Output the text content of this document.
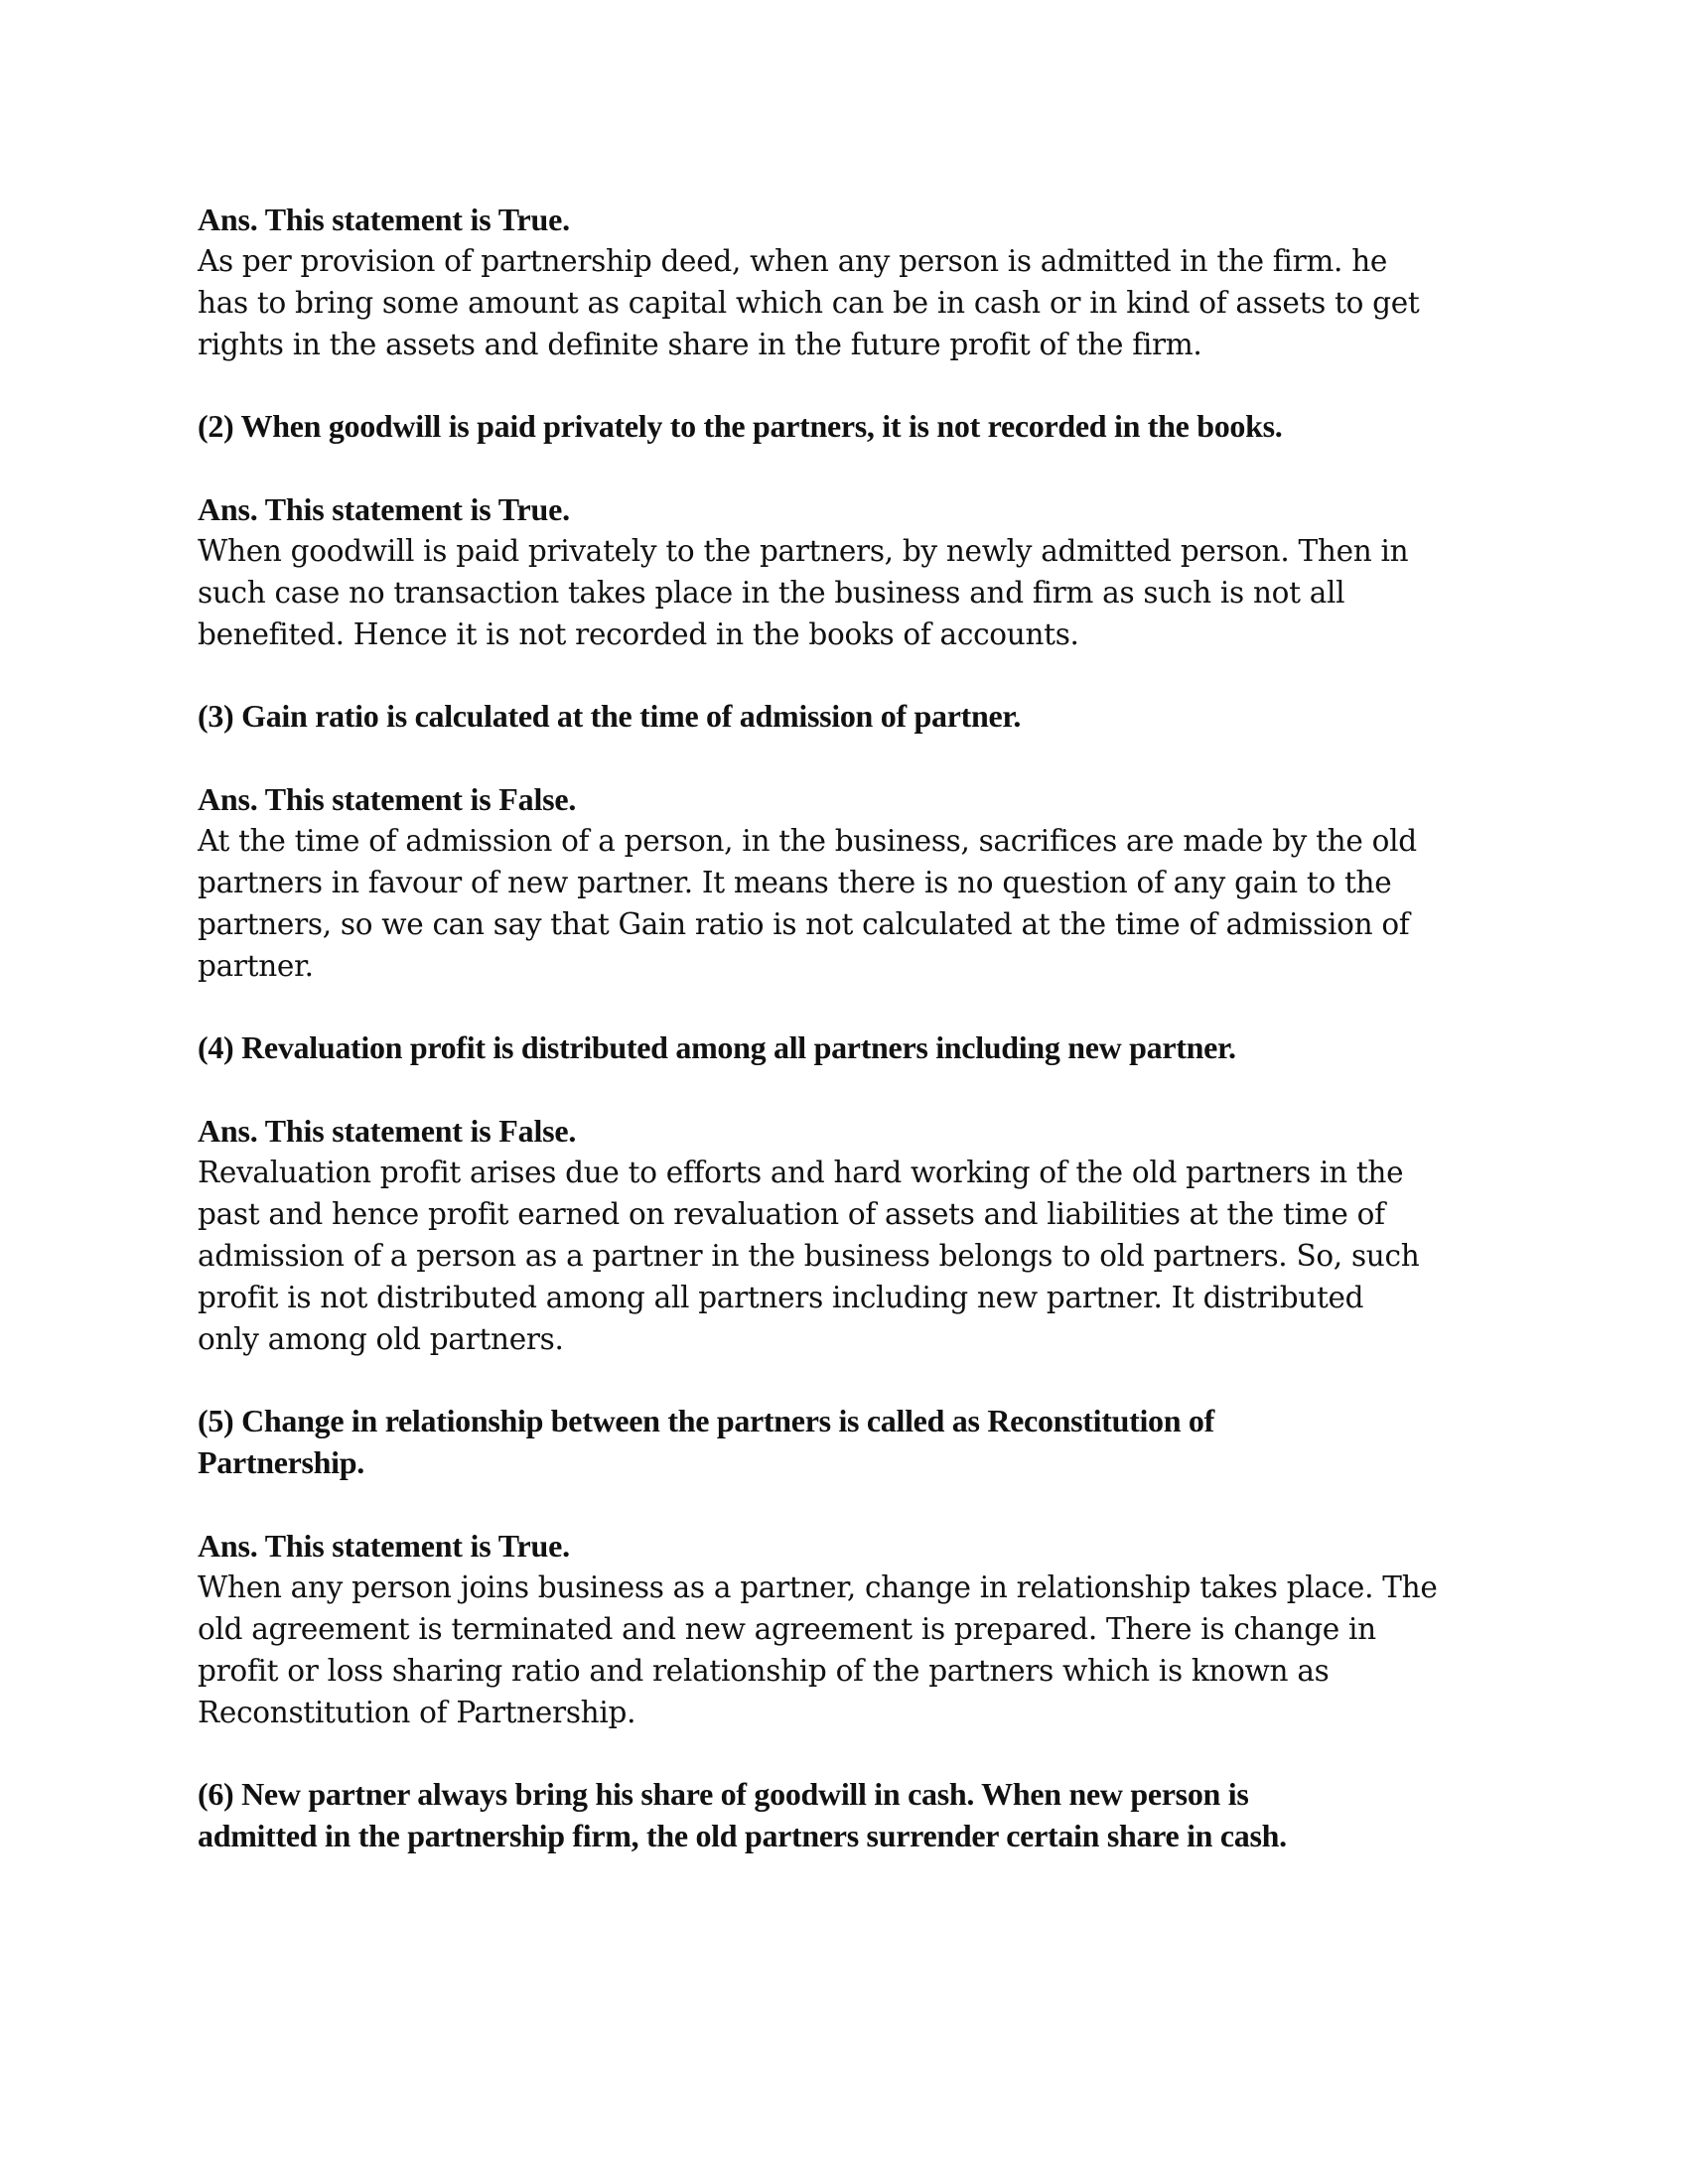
Ans. This statement is True.

As per provision of partnership deed, when any person is admitted in the firm. he

has to bring some amount as capital which can be in cash or in kind of assets to get

rights in the assets and definite share in the future profit of the firm.

(2) When goodwill is paid privately to the partners, it is not recorded in the books.

Ans. This statement is True.

When goodwill is paid privately to the partners, by newly admitted person. Then in

such case no transaction takes place in the business and firm as such is not all

benefited. Hence it is not recorded in the books of accounts.

(3) Gain ratio is calculated at the time of admission of partner.

Ans. This statement is False.

At the time of admission of a person, in the business, sacrifices are made by the old

partners in favour of new partner. It means there is no question of any gain to the

partners, so we can say that Gain ratio is not calculated at the time of admission of

partner.

(4) Revaluation profit is distributed among all partners including new partner.

Ans. This statement is False.

Revaluation profit arises due to efforts and hard working of the old partners in the

past and hence profit earned on revaluation of assets and liabilities at the time of

admission of a person as a partner in the business belongs to old partners. So, such

profit is not distributed among all partners including new partner. It distributed

only among old partners.

(5) Change in relationship between the partners is called as Reconstitution of

Partnership.

Ans. This statement is True.

When any person joins business as a partner, change in relationship takes place. The

old agreement is terminated and new agreement is prepared. There is change in

profit or loss sharing ratio and relationship of the partners which is known as

Reconstitution of Partnership.

(6) New partner always bring his share of goodwill in cash. When new person is

admitted in the partnership firm, the old partners surrender certain share in cash.
